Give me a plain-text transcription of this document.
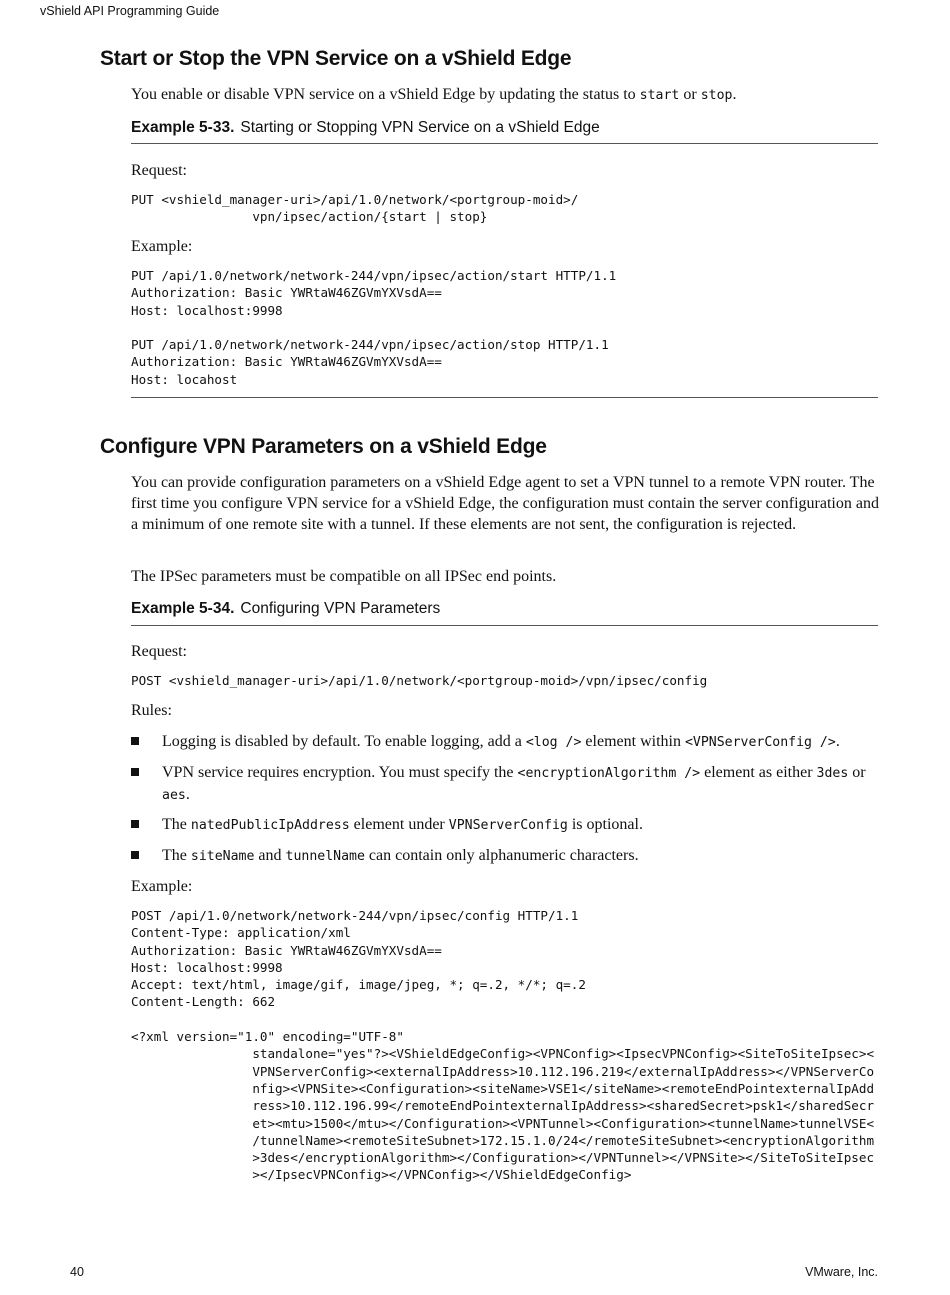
vShield API Programming Guide
Start or Stop the VPN Service on a vShield Edge
You enable or disable VPN service on a vShield Edge by updating the status to start or stop.
Example 5-33. Starting or Stopping VPN Service on a vShield Edge
Request:
PUT <vshield_manager-uri>/api/1.0/network/<portgroup-moid>/
vpn/ipsec/action/{start | stop}
Example:
PUT /api/1.0/network/network-244/vpn/ipsec/action/start HTTP/1.1
Authorization: Basic YWRtaW46ZGVmYXVsdA==
Host: localhost:9998

PUT /api/1.0/network/network-244/vpn/ipsec/action/stop HTTP/1.1
Authorization: Basic YWRtaW46ZGVmYXVsdA==
Host: locahost
Configure VPN Parameters on a vShield Edge
You can provide configuration parameters on a vShield Edge agent to set a VPN tunnel to a remote VPN router. The first time you configure VPN service for a vShield Edge, the configuration must contain the server configuration and a minimum of one remote site with a tunnel. If these elements are not sent, the configuration is rejected.
The IPSec parameters must be compatible on all IPSec end points.
Example 5-34. Configuring VPN Parameters
Request:
POST <vshield_manager-uri>/api/1.0/network/<portgroup-moid>/vpn/ipsec/config
Rules:
Logging is disabled by default. To enable logging, add a <log /> element within <VPNServerConfig />.
VPN service requires encryption. You must specify the <encryptionAlgorithm /> element as either 3des or aes.
The natedPublicIpAddress element under VPNServerConfig is optional.
The siteName and tunnelName can contain only alphanumeric characters.
Example:
POST /api/1.0/network/network-244/vpn/ipsec/config HTTP/1.1
Content-Type: application/xml
Authorization: Basic YWRtaW46ZGVmYXVsdA==
Host: localhost:9998
Accept: text/html, image/gif, image/jpeg, *; q=.2, */*; q=.2
Content-Length: 662

<?xml version="1.0" encoding="UTF-8"
standalone="yes"?><VShieldEdgeConfig><VPNConfig><IpsecVPNConfig><SiteToSiteIpsec><
VPNServerConfig><externalIpAddress>10.112.196.219</externalIpAddress></VPNServerCo
nfig><VPNSite><Configuration><siteName>VSE1</siteName><remoteEndPointexternalIpAdd
ress>10.112.196.99</remoteEndPointexternalIpAddress><sharedSecret>psk1</sharedSecr
et><mtu>1500</mtu></Configuration><VPNTunnel><Configuration><tunnelName>tunnelVSE<
/tunnelName><remoteSiteSubnet>172.15.1.0/24</remoteSiteSubnet><encryptionAlgorithm
>3des</encryptionAlgorithm></Configuration></VPNTunnel></VPNSite></SiteToSiteIpsec
></IpsecVPNConfig></VPNConfig></VShieldEdgeConfig>
40	VMware, Inc.
